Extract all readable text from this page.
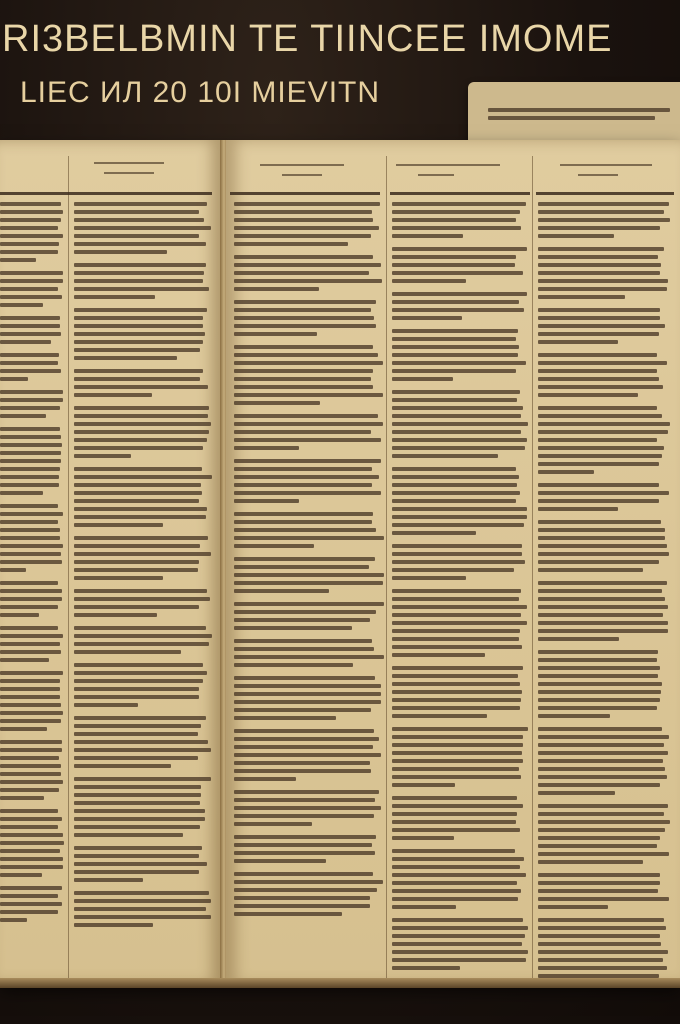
RI3BELBMIN TE TIINCEE IMOME
LIEC ИЛ 20 10I MIEVITN
